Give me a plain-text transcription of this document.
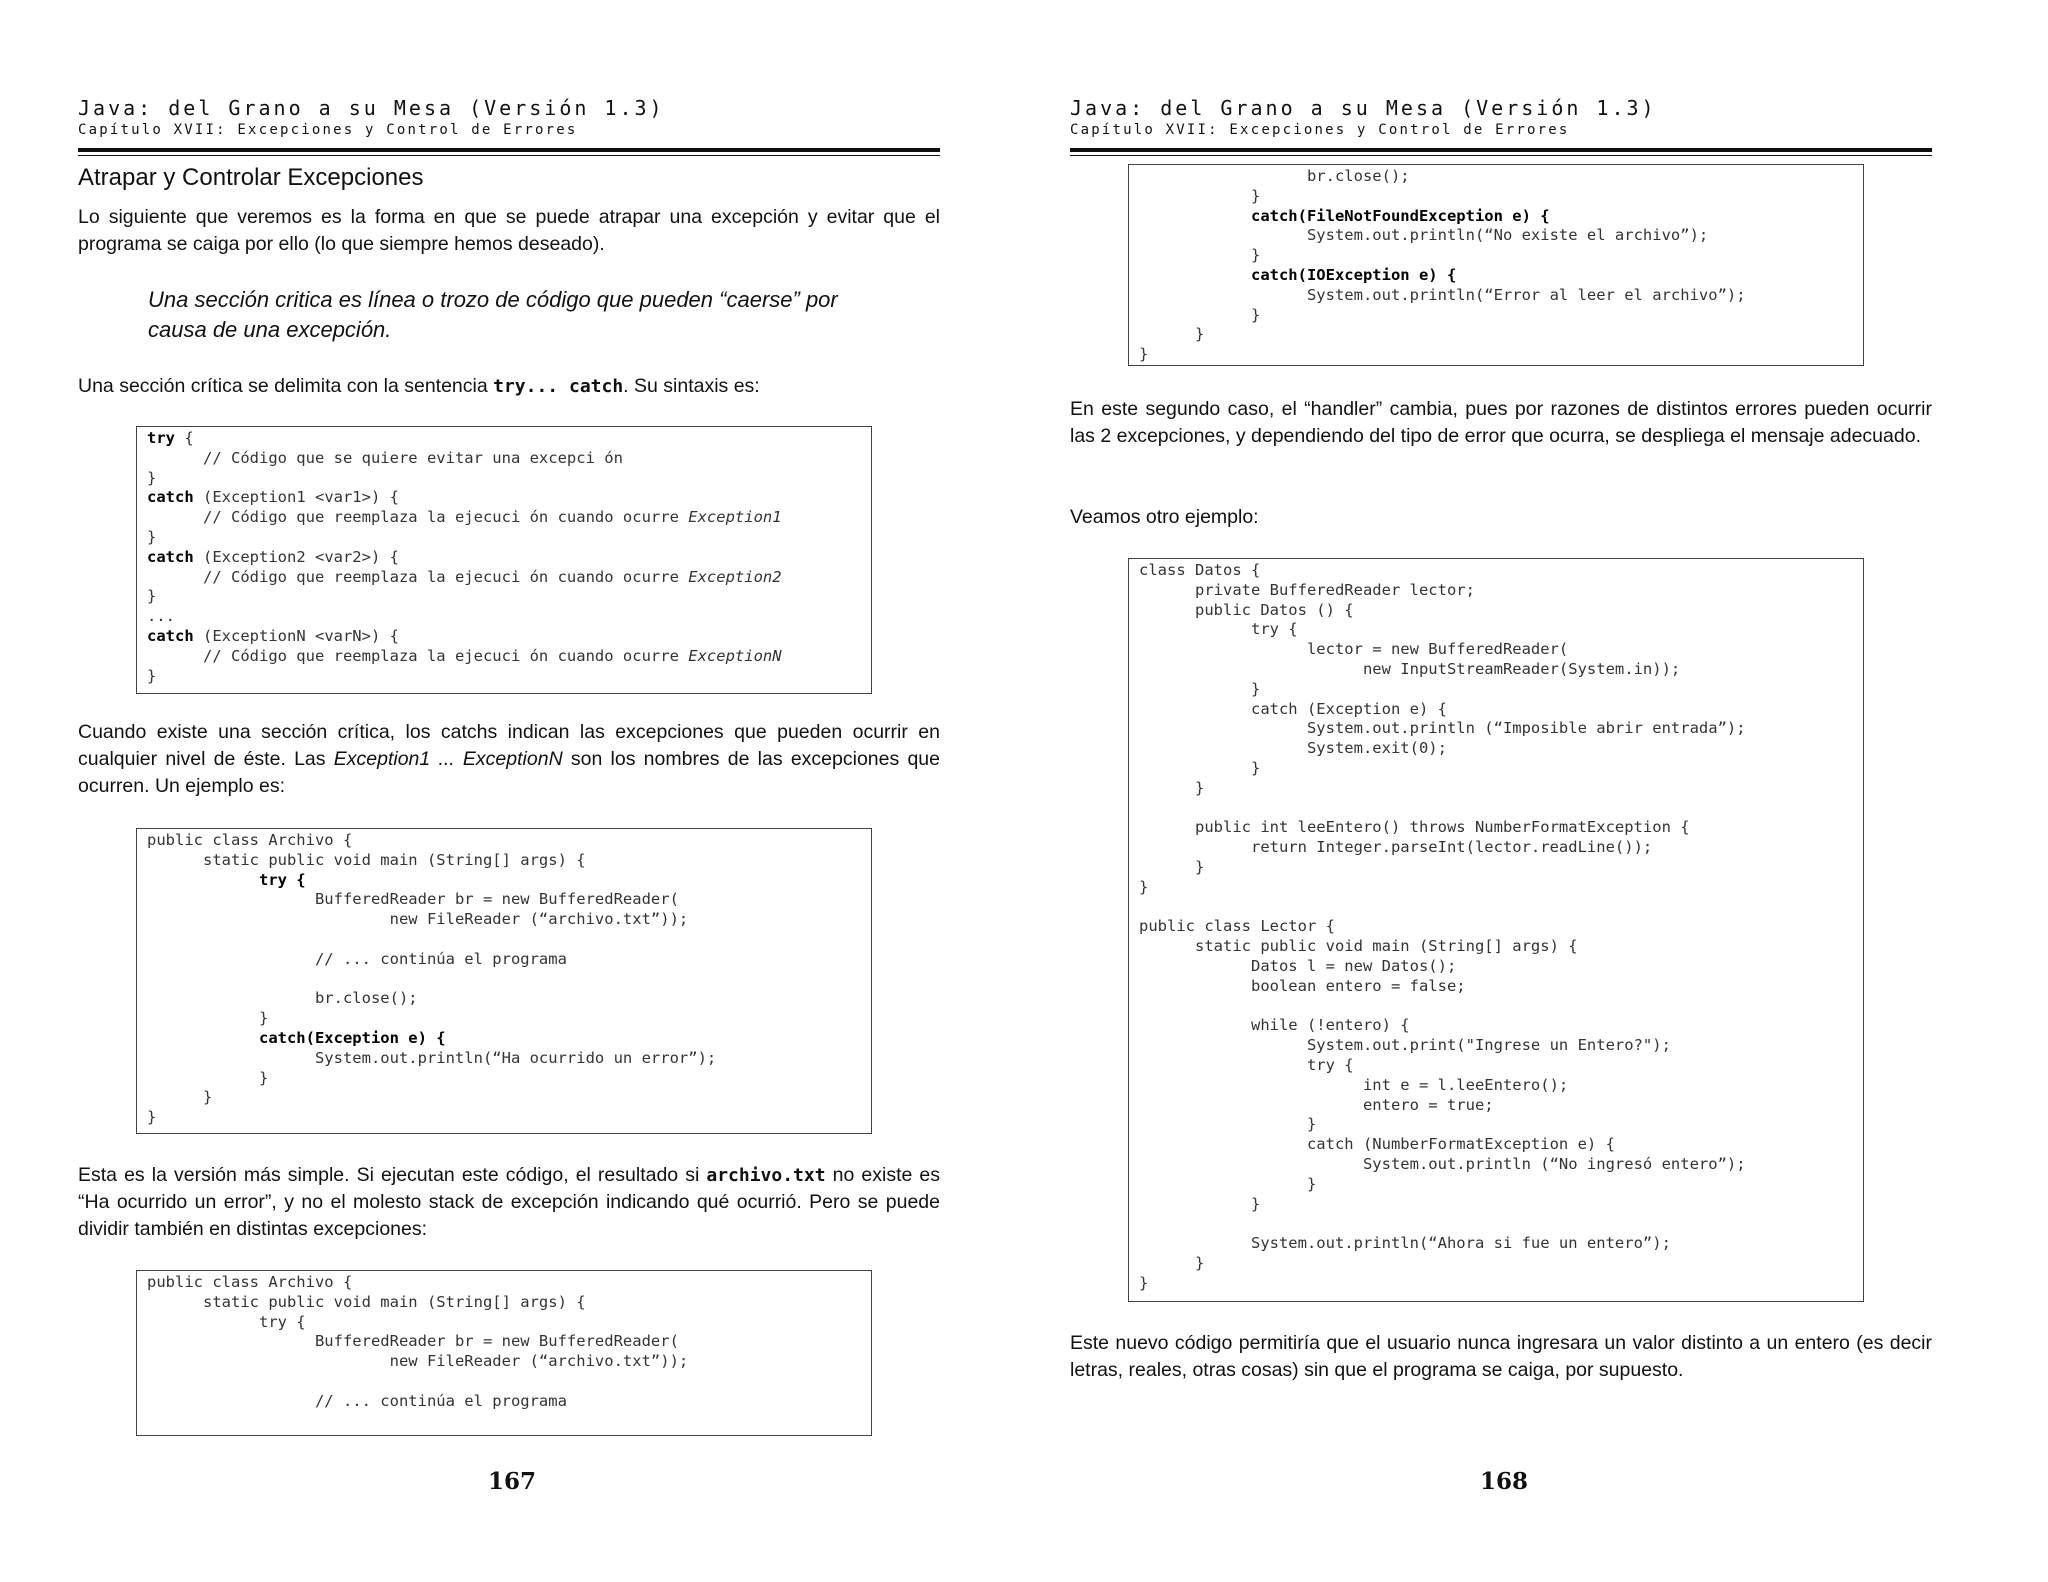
Java: del Grano a su Mesa (Versión 1.3)
Capítulo XVII: Excepciones y Control de Errores
Atrapar y Controlar Excepciones
Lo siguiente que veremos es la forma en que se puede atrapar una excepción y evitar que el programa se caiga por ello (lo que siempre hemos deseado).
Una sección critica es línea o trozo de código que pueden “caerse” por causa de una excepción.
Una sección crítica se delimita con la sentencia try... catch. Su sintaxis es:
try {
// Código que se quiere evitar una excepci ón
}
catch (Exception1 <var1>) {
// Código que reemplaza la ejecuci ón cuando ocurre Exception1
}
catch (Exception2 <var2>) {
// Código que reemplaza la ejecuci ón cuando ocurre Exception2
}
...
catch (ExceptionN <varN>) {
// Código que reemplaza la ejecuci ón cuando ocurre ExceptionN
}
Cuando existe una sección crítica, los catchs indican las excepciones que pueden ocurrir en cualquier nivel de éste. Las Exception1 ... ExceptionN son los nombres de las excepciones que ocurren. Un ejemplo es:
public class Archivo {
static public void main (String[] args) {
try {
BufferedReader br = new BufferedReader(
new FileReader (“archivo.txt”));

// ... continúa el programa

br.close();
}
catch(Exception e) {
System.out.println(“Ha ocurrido un error”);
}
}
}
Esta es la versión más simple. Si ejecutan este código, el resultado si archivo.txt no existe es “Ha ocurrido un error”, y no el molesto stack de excepción indicando qué ocurrió. Pero se puede dividir también en distintas excepciones:
public class Archivo {
static public void main (String[] args) {
try {
BufferedReader br = new BufferedReader(
new FileReader (“archivo.txt”));

// ... continúa el programa
167
Java: del Grano a su Mesa (Versión 1.3)
Capítulo XVII: Excepciones y Control de Errores
br.close();
}
catch(FileNotFoundException e) {
System.out.println(“No existe el archivo”);
}
catch(IOException e) {
System.out.println(“Error al leer el archivo”);
}
}
}
En este segundo caso, el “handler” cambia, pues por razones de distintos errores pueden ocurrir las 2 excepciones, y dependiendo del tipo de error que ocurra, se despliega el mensaje adecuado.
Veamos otro ejemplo:
class Datos {
private BufferedReader lector;
public Datos () {
try {
lector = new BufferedReader(
new InputStreamReader(System.in));
}
catch (Exception e) {
System.out.println (“Imposible abrir entrada”);
System.exit(0);
}
}

public int leeEntero() throws NumberFormatException {
return Integer.parseInt(lector.readLine());
}
}

public class Lector {
static public void main (String[] args) {
Datos l = new Datos();
boolean entero = false;

while (!entero) {
System.out.print("Ingrese un Entero?");
try {
int e = l.leeEntero();
entero = true;
}
catch (NumberFormatException e) {
System.out.println (“No ingresó entero”);
}
}

System.out.println(“Ahora si fue un entero”);
}
}
Este nuevo código permitiría que el usuario nunca ingresara un valor distinto a un entero (es decir letras, reales, otras cosas) sin que el programa se caiga, por supuesto.
168
